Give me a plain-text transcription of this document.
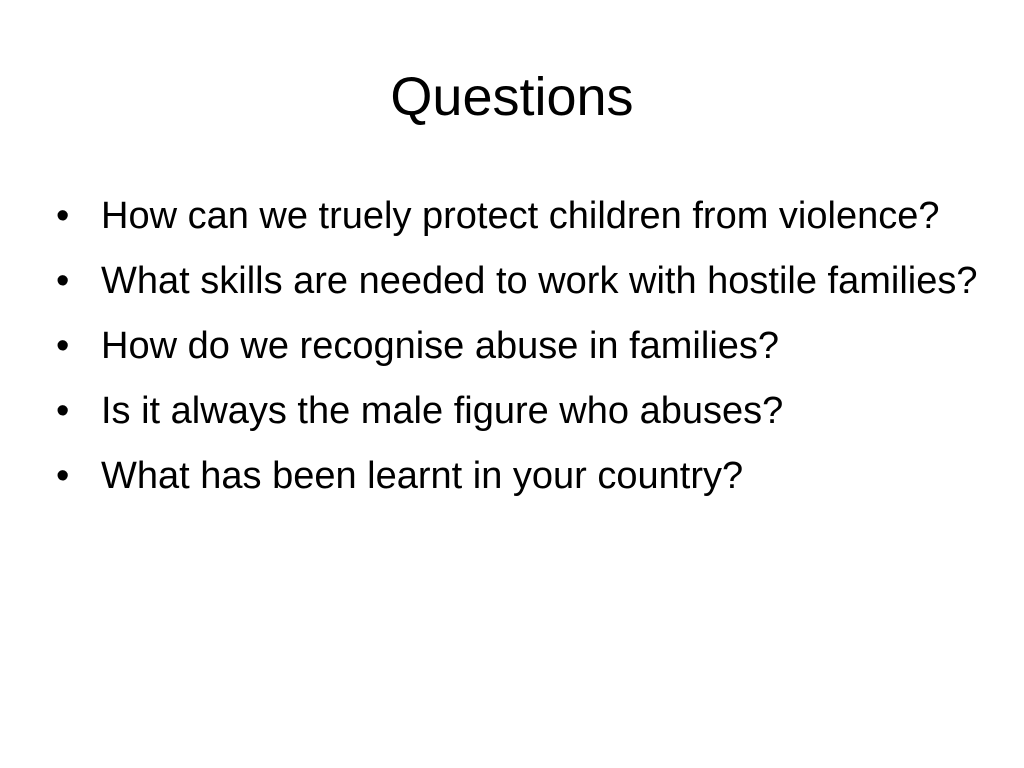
Questions
• How can we truely protect children from violence?
• What skills are needed to work with hostile families?
• How do we recognise abuse in families?
• Is it always the male figure who abuses?
• What has been learnt in your country?
